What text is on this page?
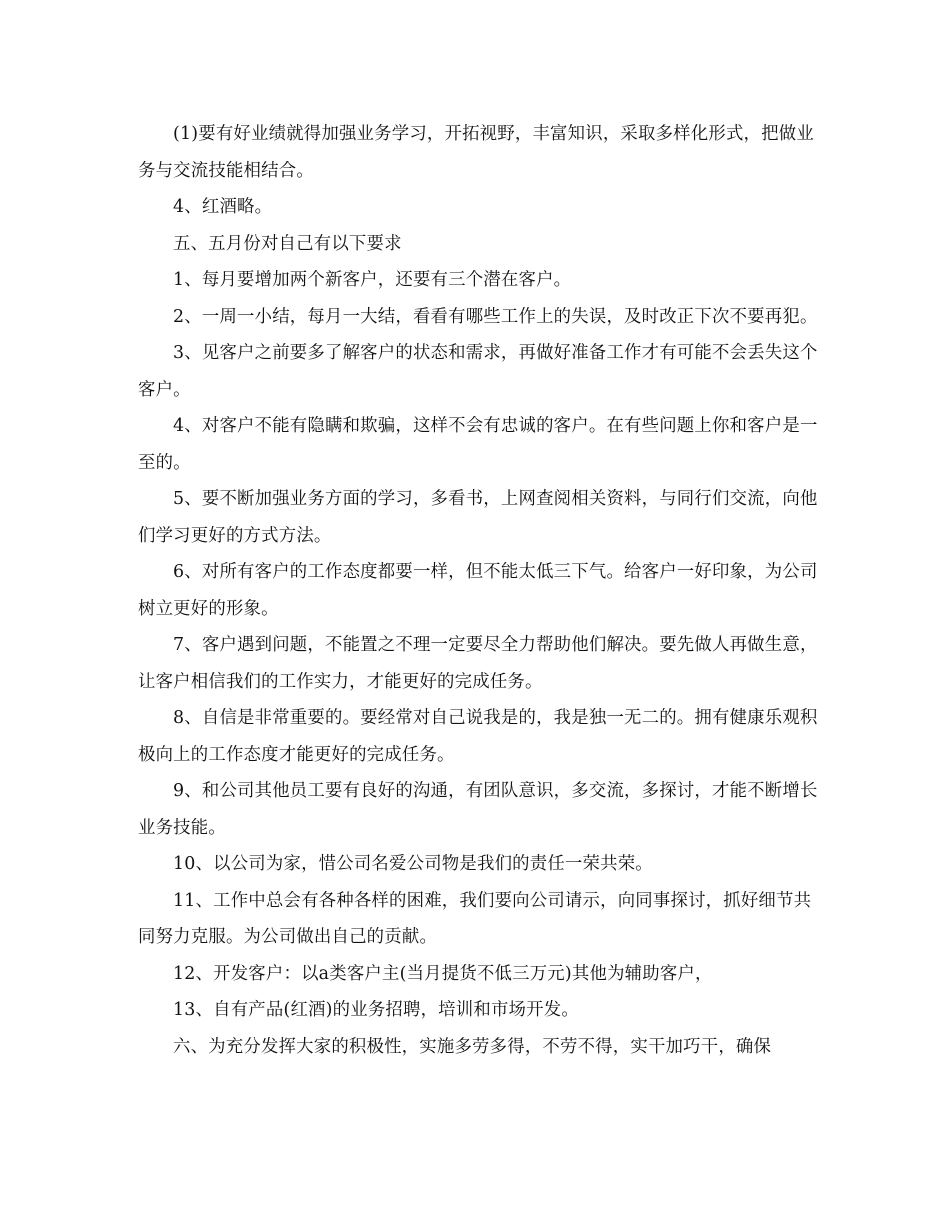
(1)要有好业绩就得加强业务学习，开拓视野，丰富知识，采取多样化形式，把做业务与交流技能相结合。

4、红酒略。

五、五月份对自己有以下要求

1、每月要增加两个新客户，还要有三个潜在客户。

2、一周一小结，每月一大结，看看有哪些工作上的失误，及时改正下次不要再犯。

3、见客户之前要多了解客户的状态和需求，再做好准备工作才有可能不会丢失这个客户。

4、对客户不能有隐瞒和欺骗，这样不会有忠诚的客户。在有些问题上你和客户是一至的。

5、要不断加强业务方面的学习，多看书，上网查阅相关资料，与同行们交流，向他们学习更好的方式方法。

6、对所有客户的工作态度都要一样，但不能太低三下气。给客户一好印象，为公司树立更好的形象。

7、客户遇到问题，不能置之不理一定要尽全力帮助他们解决。要先做人再做生意，让客户相信我们的工作实力，才能更好的完成任务。

8、自信是非常重要的。要经常对自己说我是的，我是独一无二的。拥有健康乐观积极向上的工作态度才能更好的完成任务。

9、和公司其他员工要有良好的沟通，有团队意识，多交流，多探讨，才能不断增长业务技能。

10、以公司为家，惜公司名爱公司物是我们的责任一荣共荣。

11、工作中总会有各种各样的困难，我们要向公司请示，向同事探讨，抓好细节共同努力克服。为公司做出自己的贡献。

12、开发客户：以a类客户主(当月提货不低三万元)其他为辅助客户，

13、自有产品(红酒)的业务招聘，培训和市场开发。

六、为充分发挥大家的积极性，实施多劳多得，不劳不得，实干加巧干，确保
